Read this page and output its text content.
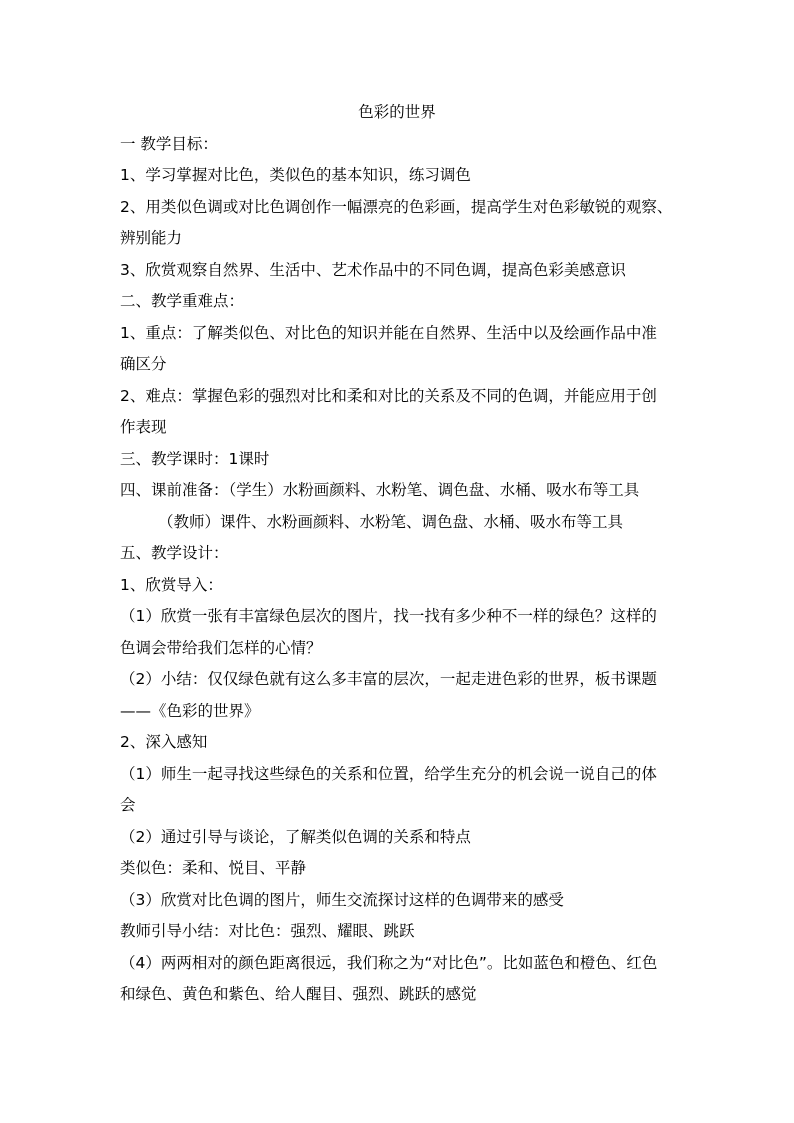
色彩的世界
一 教学目标：
1、学习掌握对比色，类似色的基本知识，练习调色
2、用类似色调或对比色调创作一幅漂亮的色彩画，提高学生对色彩敏锐的观察、
辨别能力
3、欣赏观察自然界、生活中、艺术作品中的不同色调，提高色彩美感意识
二、教学重难点：
1、重点：了解类似色、对比色的知识并能在自然界、生活中以及绘画作品中准
确区分
2、难点：掌握色彩的强烈对比和柔和对比的关系及不同的色调，并能应用于创
作表现
三、教学课时：1课时
四、课前准备：（学生）水粉画颜料、水粉笔、调色盘、水桶、吸水布等工具
（教师）课件、水粉画颜料、水粉笔、调色盘、水桶、吸水布等工具
五、教学设计：
1、欣赏导入：
（1）欣赏一张有丰富绿色层次的图片，找一找有多少种不一样的绿色？这样的
色调会带给我们怎样的心情？
（2）小结：仅仅绿色就有这么多丰富的层次，一起走进色彩的世界，板书课题
——《色彩的世界》
2、深入感知
（1）师生一起寻找这些绿色的关系和位置，给学生充分的机会说一说自己的体
会
（2）通过引导与谈论，了解类似色调的关系和特点
类似色：柔和、悦目、平静
（3）欣赏对比色调的图片，师生交流探讨这样的色调带来的感受
教师引导小结：对比色：强烈、耀眼、跳跃
（4）两两相对的颜色距离很远，我们称之为“对比色”。比如蓝色和橙色、红色
和绿色、黄色和紫色、给人醒目、强烈、跳跃的感觉
